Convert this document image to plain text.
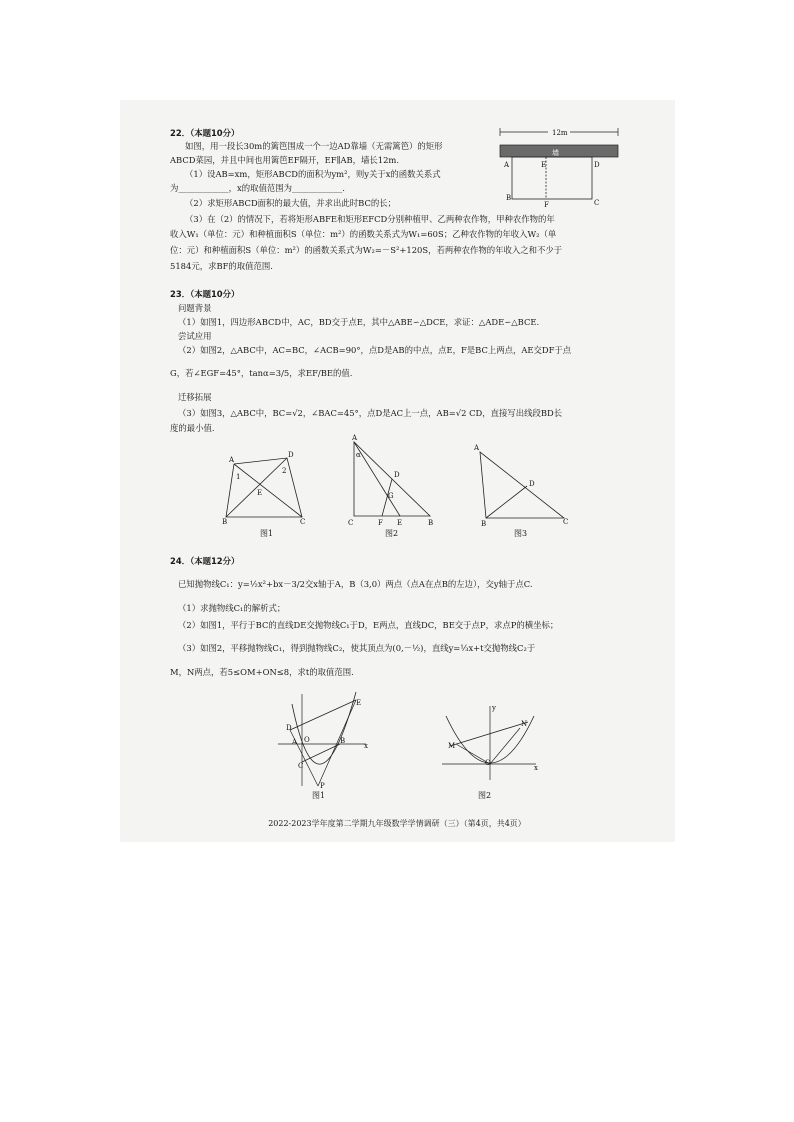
22．（本题10分）
如图，用一段长30m的篱笆围成一个一边AD靠墙（无需篱笆）的矩形
ABCD菜园，并且中间也用篱笆EF隔开，EF∥AB，墙长12m.
（1）设AB=xm，矩形ABCD的面积为ym²，则y关于x的函数关系式
为____________，x的取值范围为____________.
（2）求矩形ABCD面积的最大值，并求出此时BC的长；
（3）在（2）的情况下，若将矩形ABFE和矩形EFCD分别种植甲、乙两种农作物，甲种农作物的年
收入W₁（单位：元）和种植面积S（单位：m²）的函数关系式为W₁=60S；乙种农作物的年收入W₂（单
位：元）和种植面积S（单位：m²）的函数关系式为W₂=－S²+120S，若两种农作物的年收入之和不少于
5184元，求BF的取值范围.
12m
墙
A	E	D
B
F	C
23．（本题10分）
问题背景
（1）如图1，四边形ABCD中，AC，BD交于点E，其中△ABE∽△DCE，求证：△ADE∽△BCE.
尝试应用
（2）如图2，△ABC中，AC=BC，∠ACB=90°，点D是AB的中点，点E，F是BC上两点，AE交DF于点
G，若∠EGF=45°，tanα=3/5，求EF/BE的值.
迁移拓展
（3）如图3，△ABC中，BC=√2，∠BAC=45°，点D是AC上一点，AB=√2 CD，直接写出线段BD长
度的最小值.
A
D
B	C
E
1
2
图1
A
α
D
G
C	F E	B
图2
A
D
B	C
图3
24．（本题12分）
已知抛物线C₁：y=½x²+bx－3/2交x轴于A，B（3,0）两点（点A在点B的左边），交y轴于点C.
（1）求抛物线C₁的解析式；
（2）如图1，平行于BC的直线DE交抛物线C₁于D，E两点，直线DC，BE交于点P，求点P的横坐标；
（3）如图2，平移抛物线C₁，得到抛物线C₂，使其顶点为(0,－½)，直线y=⅓x+t交抛物线C₂于
M，N两点，若5≤OM+ON≤8，求t的取值范围.
D
A O	B
C
E
P
x
图1
M
N
O
y
x
图2
2022-2023学年度第二学期九年级数学学情调研（三）（第4页，共4页）
